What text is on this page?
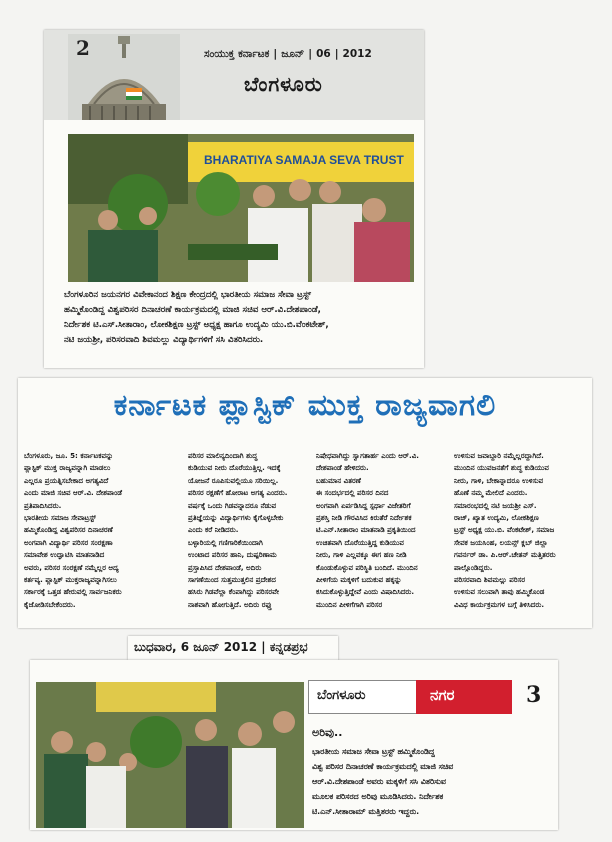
2	ಸಂಯುಕ್ತ ಕರ್ನಾಟಕ | ಜೂನ್ | 06 | 2012
ಬೆಂಗಳೂರು
BHARATIYA SAMAJA SEVA TRUST
ಬೆಂಗಳೂರಿನ ಜಯನಗರ ವಿವೇಕಾನಂದ ಶಿಕ್ಷಣ ಕೇಂದ್ರದಲ್ಲಿ ಭಾರತೀಯ ಸಮಾಜ ಸೇವಾ ಟ್ರಸ್ಟ್
ಹಮ್ಮಿಕೊಂಡಿದ್ದ ವಿಶ್ವಪರಿಸರ ದಿನಾಚರಣೆ ಕಾರ್ಯಕ್ರಮದಲ್ಲಿ ಮಾಜಿ ಸಚಿವ ಆರ್.ವಿ.ದೇಶಪಾಂಡೆ,
ನಿರ್ದೇಶಕ ಟಿ.ಎಸ್.ಸೀತಾರಾಂ, ಲೋಕಶಿಕ್ಷಣ ಟ್ರಸ್ಟ್ ಅಧ್ಯಕ್ಷ ಹಾಗೂ ಉದ್ಯಮಿ ಯು.ಬಿ.ವೆಂಕಟೇಶ್,
ನಟಿ ಜಯಶ್ರೀ, ಪರಿಸರವಾದಿ ಶಿವಮಲ್ಲು ವಿದ್ಯಾರ್ಥಿಗಳಿಗೆ ಸಸಿ ವಿತರಿಸಿದರು.
ಕರ್ನಾಟಕ ಪ್ಲಾಸ್ಟಿಕ್ ಮುಕ್ತ ರಾಜ್ಯವಾಗಲಿ
ಬೆಂಗಳೂರು, ಜೂ. 5: ಕರ್ನಾಟಕವನ್ನು
ಪ್ಲಾಸ್ಟಿಕ್ ಮುಕ್ತ ರಾಜ್ಯವನ್ನಾಗಿ ಮಾಡಲು
ಎಲ್ಲರೂ ಪ್ರಯತ್ನಿಸಬೇಕಾದ ಅಗತ್ಯವಿದೆ
ಎಂದು ಮಾಜಿ ಸಚಿವ ಆರ್.ವಿ. ದೇಶಪಾಂಡೆ
ಪ್ರತಿಪಾದಿಸಿದರು.
ಭಾರತೀಯ ಸಮಾಜ ಸೇವಾಟ್ರಸ್ಟ್
ಹಮ್ಮಿಕೊಂಡಿದ್ದ ವಿಶ್ವಪರಿಸರ ದಿನಾಚರಣೆ
ಅಂಗವಾಗಿ ವಿದ್ಯಾರ್ಥಿ ಪರಿಸರ ಸಂರಕ್ಷಣಾ
ಸಮಾವೇಶ ಉದ್ಘಾಟಿಸಿ ಮಾತನಾಡಿದ
ಅವರು, ಪರಿಸರ ಸಂರಕ್ಷಣೆ ನಮ್ಮೆಲ್ಲರ ಆದ್ಯ
ಕರ್ತವ್ಯ. ಪ್ಲಾಸ್ಟಿಕ್ ಮುಕ್ತರಾಜ್ಯವನ್ನಾಗಿಸಲು
ಸರ್ಕಾರಕ್ಕೆ ಒತ್ತಡ ಹೇರುವಲ್ಲಿ ಸಾರ್ವಜನಿಕರು
ಕೈಜೋಡಿಸಬೇಕೆಂದರು.
ಪರಿಸರ ಮಾಲಿನ್ಯದಿಂದಾಗಿ ಶುದ್ಧ
ಕುಡಿಯುವ ನೀರು ದೊರೆಯುತ್ತಿಲ್ಲ. ಇದಕ್ಕೆ
ಯೋಜನೆ ರೂಪಿಸುವಲ್ಲಿಯೂ ಸರಿಯಿಲ್ಲ.
ಪರಿಸರ ರಕ್ಷಣೆಗೆ ಹೋರಾಟ ಅಗತ್ಯ ಎಂದರು.
ವರ್ಷಕ್ಕೆ ಒಂದು ಗಿಡವನ್ನಾದರೂ ನೆಡುವ
ಪ್ರತಿಜ್ಞೆಯನ್ನು ವಿದ್ಯಾರ್ಥಿಗಳು ಕೈಗೊಳ್ಳಬೇಕು
ಎಂದು ಕರೆ ನೀಡಿದರು.
ಬಳ್ಳಾರಿಯಲ್ಲಿ ಗಣಿಗಾರಿಕೆಯಿಂದಾಗಿ
ಉಂಟಾದ ಪರಿಸರ ಹಾನಿ, ದುಷ್ಪರಿಣಾಮ
ಪ್ರಸ್ತಾಪಿಸಿದ ದೇಶಪಾಂಡೆ, ಅದಿರು
ಸಾಗಣೆಯಿಂದ ಸುತ್ತಮುತ್ತಲಿನ ಪ್ರದೇಶದ
ಹಸಿರು ಗಿಡವೆಲ್ಲಾ ಕೆಂಪಾಗಿದ್ದು ಪರಿಸರವೇ
ನಾಶವಾಗಿ ಹೋಗುತ್ತಿದೆ. ಅದಿರು ರಫ್ತು
ನಿಷೇಧವಾಗಿದ್ದು ಸ್ವಾಗತಾರ್ಹ ಎಂದು ಆರ್.ವಿ.
ದೇಶಪಾಂಡೆ ಹೇಳಿದರು.
ಬಹುಮಾನ ವಿತರಣೆ
ಈ ಸಂದರ್ಭದಲ್ಲಿ ಪರಿಸರ ದಿನದ
ಅಂಗವಾಗಿ ಏರ್ಪಡಿಸಿದ್ದ ಸ್ಪರ್ಧಾ ವಿಜೇತರಿಗೆ
ಪ್ರಶಸ್ತಿ ನೀಡಿ ಗೌರವಿಸಿದ ಕಿರುತೆರೆ ನಿರ್ದೇಶಕ
ಟಿ.ಎನ್.ಸೀತಾರಾಂ ಮಾತನಾಡಿ ಪ್ರಕೃತಿಯಿಂದ
ಉಚಿತವಾಗಿ ದೊರೆಯುತ್ತಿದ್ದ ಕುಡಿಯುವ
ನೀರು, ಗಾಳಿ ಎಲ್ಲವಕ್ಕೂ ಈಗ ಹಣ ನೀಡಿ
ಕೊಂಡುಕೊಳ್ಳುವ ಪರಿಸ್ಥಿತಿ ಬಂದಿದೆ. ಮುಂದಿನ
ಪೀಳಿಗೆಯ ಮಕ್ಕಳಿಗೆ ಬದುಕುವ ಹಕ್ಕನ್ನು
ಕಸಿದುಕೊಳ್ಳುತ್ತಿದ್ದೇವೆ ಎಂದು ವಿಷಾದಿಸಿದರು.
ಮುಂದಿನ ಪೀಳಿಗೆಗಾಗಿ ಪರಿಸರ
ಉಳಿಸುವ ಜವಾಬ್ದಾರಿ ನಮ್ಮೆಲ್ಲರದ್ದಾಗಿದೆ.
ಮುಂದಿನ ಯುವಜನತೆಗೆ ಶುದ್ಧ ಕುಡಿಯುವ
ನೀರು, ಗಾಳಿ, ಬೇಕಾನ್ನಾದರೂ ಉಳಿಸುವ
ಹೊಣೆ ನಮ್ಮ ಮೇಲಿದೆ ಎಂದರು.
ಸಮಾರಂಭದಲ್ಲಿ ನಟಿ ಜಯಶ್ರೀ ಎಸ್.
ರಾಜ್, ಖ್ಯಾತ ಉದ್ಯಮಿ, ಲೋಕಶಿಕ್ಷಣ
ಟ್ರಸ್ಟ್ ಅಧ್ಯಕ್ಷ ಯು.ಬಿ. ವೆಂಕಟೇಶ್, ಸಮಾಜ
ಸೇವಕ ಜಯಸಿಂಹ, ಲಯನ್ಸ್ ಕ್ಲಬ್ ಜಿಲ್ಲಾ
ಗವರ್ನರ್ ಡಾ. ಪಿ.ಆರ್.ಚೇತನ್ ಮತ್ತಿತರರು
ಪಾಲ್ಗೊಂಡಿದ್ದರು.
ಪರಿಸರವಾದಿ ಶಿವಮಲ್ಲು ಪರಿಸರ
ಉಳಿಸುವ ಸಲುವಾಗಿ ತಾವು ಹಮ್ಮಿಕೊಂಡ
ವಿವಿಧ ಕಾರ್ಯಕ್ರಮಗಳ ಬಗ್ಗೆ ತಿಳಿಸಿದರು.
ಬುಧವಾರ, 6 ಜೂನ್ 2012 | ಕನ್ನಡಪ್ರಭ
ಬೆಂಗಳೂರು	ನಗರ	3
ಅರಿವು..
ಭಾರತೀಯ ಸಮಾಜ ಸೇವಾ ಟ್ರಸ್ಟ್ ಹಮ್ಮಿಕೊಂಡಿದ್ದ
ವಿಶ್ವ ಪರಿಸರ ದಿನಾಚರಣೆ ಕಾರ್ಯಕ್ರಮದಲ್ಲಿ ಮಾಜಿ ಸಚಿವ
ಆರ್.ವಿ.ದೇಶಪಾಂಡೆ ಅವರು ಮಕ್ಕಳಿಗೆ ಸಸಿ ವಿತರಿಸುವ
ಮೂಲಕ ಪರಿಸರದ ಅರಿವು ಮೂಡಿಸಿದರು. ನಿರ್ದೇಶಕ
ಟಿ.ಎನ್.ಸೀತಾರಾಮ್ ಮತ್ತಿತರರು ಇದ್ದರು.
